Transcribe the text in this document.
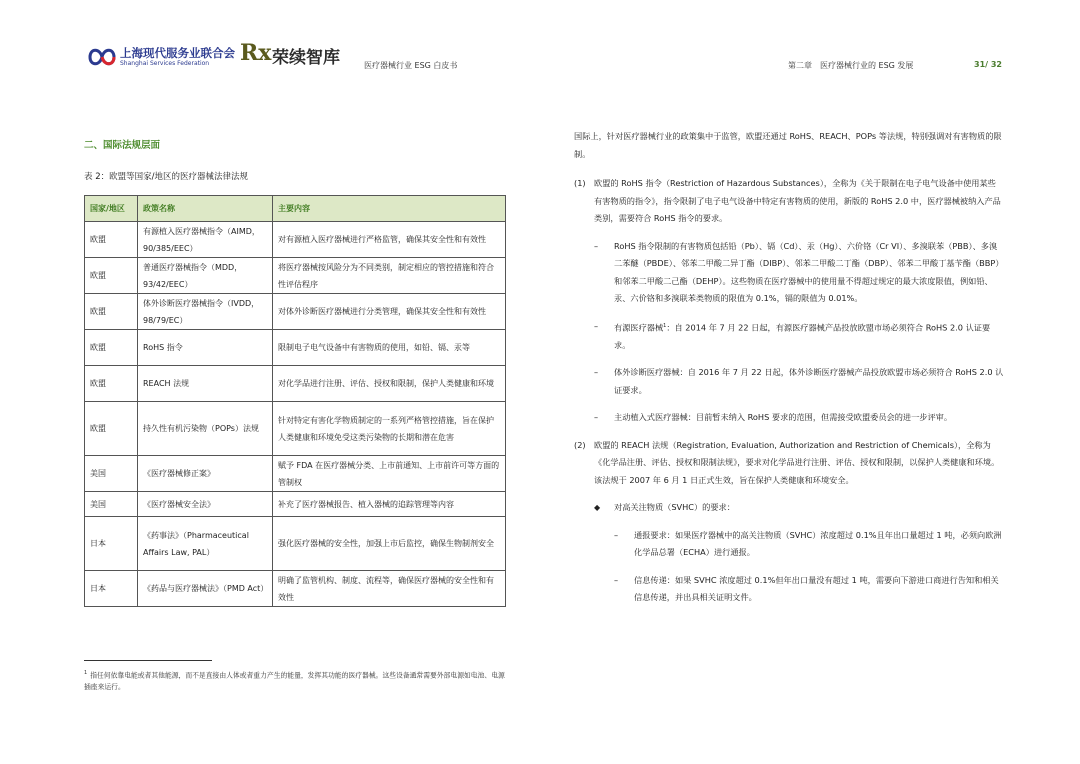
上海现代服务业联合会
Shanghai Services Federation Rx 荣续智库	医疗器械行业 ESG 白皮书	第二章　医疗器械行业的 ESG 发展	31/ 32
二、国际法规层面
表 2：欧盟等国家/地区的医疗器械法律法规
国家/地区	政策名称	主要内容
欧盟	有源植入医疗器械指令（AIMD，90/385/EEC）	对有源植入医疗器械进行严格监管，确保其安全性和有效性
欧盟	普通医疗器械指令（MDD，93/42/EEC）	将医疗器械按风险分为不同类别，制定相应的管控措施和符合性评估程序
欧盟	体外诊断医疗器械指令（IVDD，98/79/EC）	对体外诊断医疗器械进行分类管理，确保其安全性和有效性
欧盟	RoHS 指令	限制电子电气设备中有害物质的使用，如铅、镉、汞等
欧盟	REACH 法规	对化学品进行注册、评估、授权和限制，保护人类健康和环境
欧盟	持久性有机污染物（POPs）法规	针对特定有害化学物质制定的一系列严格管控措施，旨在保护人类健康和环境免受这类污染物的长期和潜在危害
美国	《医疗器械修正案》	赋予 FDA 在医疗器械分类、上市前通知、上市前许可等方面的管制权
美国	《医疗器械安全法》	补充了医疗器械报告、植入器械的追踪管理等内容
日本	《药事法》（Pharmaceutical Affairs Law, PAL）	强化医疗器械的安全性，加强上市后监控，确保生物制剂安全
日本	《药品与医疗器械法》（PMD Act）	明确了监管机构、制度、流程等，确保医疗器械的安全性和有效性
$^1$ 指任何依靠电能或者其他能源，而不是直接由人体或者重力产生的能量，发挥其功能的医疗器械。这些设备通常需要外部电源如电池、电源插座来运行。

国际上，针对医疗器械行业的政策集中于监管，欧盟还通过 RoHS、REACH、POPs 等法规，特别强调对有害物质的限制。

(1)	欧盟的 RoHS 指令（Restriction of Hazardous Substances），全称为《关于限制在电子电气设备中使用某些有害物质的指令》，指令限制了电子电气设备中特定有害物质的使用，新版的 RoHS 2.0 中，医疗器械被纳入产品类别，需要符合 RoHS 指令的要求。
–	RoHS 指令限制的有害物质包括铅（Pb）、镉（Cd）、汞（Hg）、六价铬（Cr VI）、多溴联苯（PBB）、多溴二苯醚（PBDE）、邻苯二甲酸二异丁酯（DIBP）、邻苯二甲酸二丁酯（DBP）、邻苯二甲酸丁基苄酯（BBP）和邻苯二甲酸二己酯（DEHP）。这些物质在医疗器械中的使用量不得超过规定的最大浓度限值，例如铅、汞、六价铬和多溴联苯类物质的限值为 0.1%，镉的限值为 0.01%。
–	有源医疗器械$^1$：自 2014 年 7 月 22 日起，有源医疗器械产品投放欧盟市场必须符合 RoHS 2.0 认证要求。
–	体外诊断医疗器械：自 2016 年 7 月 22 日起，体外诊断医疗器械产品投放欧盟市场必须符合 RoHS 2.0 认证要求。
–	主动植入式医疗器械：目前暂未纳入 RoHS 要求的范围，但需接受欧盟委员会的进一步评审。
(2)	欧盟的 REACH 法规（Registration, Evaluation, Authorization and Restriction of Chemicals），全称为《化学品注册、评估、授权和限制法规》，要求对化学品进行注册、评估、授权和限制，以保护人类健康和环境。该法规于 2007 年 6 月 1 日正式生效，旨在保护人类健康和环境安全。
◆	对高关注物质（SVHC）的要求：
–	通报要求：如果医疗器械中的高关注物质（SVHC）浓度超过 0.1%且年出口量超过 1 吨，必须向欧洲化学品总署（ECHA）进行通报。
–	信息传递：如果 SVHC 浓度超过 0.1%但年出口量没有超过 1 吨，需要向下游进口商进行告知和相关信息传递，并出具相关证明文件。
